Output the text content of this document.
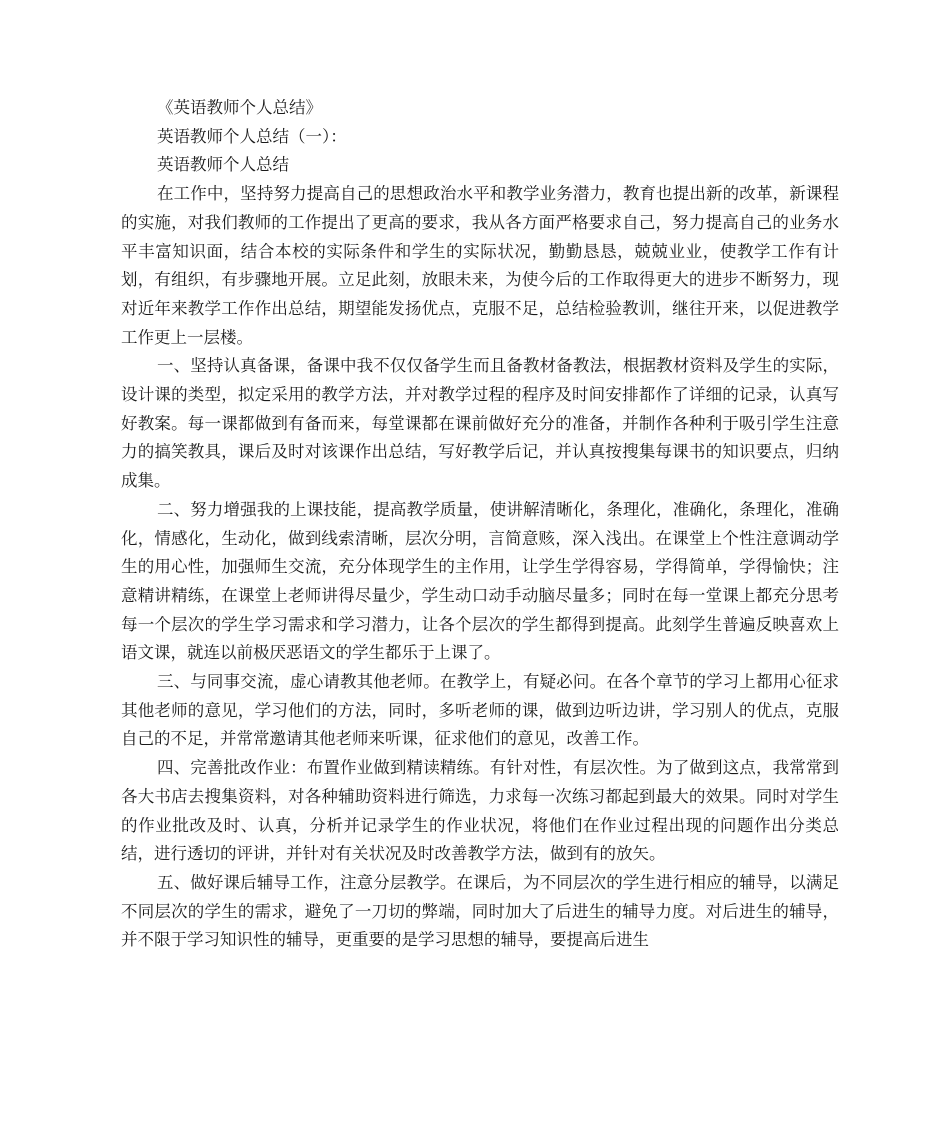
《英语教师个人总结》

英语教师个人总结（一）：

英语教师个人总结

在工作中，坚持努力提高自己的思想政治水平和教学业务潜力，教育也提出新的改革，新课程的实施，对我们教师的工作提出了更高的要求，我从各方面严格要求自己，努力提高自己的业务水平丰富知识面，结合本校的实际条件和学生的实际状况，勤勤恳恳，兢兢业业，使教学工作有计划，有组织，有步骤地开展。立足此刻，放眼未来，为使今后的工作取得更大的进步不断努力，现对近年来教学工作作出总结，期望能发扬优点，克服不足，总结检验教训，继往开来，以促进教学工作更上一层楼。

一、坚持认真备课，备课中我不仅仅备学生而且备教材备教法，根据教材资料及学生的实际，设计课的类型，拟定采用的教学方法，并对教学过程的程序及时间安排都作了详细的记录，认真写好教案。每一课都做到有备而来，每堂课都在课前做好充分的准备，并制作各种利于吸引学生注意力的搞笑教具，课后及时对该课作出总结，写好教学后记，并认真按搜集每课书的知识要点，归纳成集。

二、努力增强我的上课技能，提高教学质量，使讲解清晰化，条理化，准确化，条理化，准确化，情感化，生动化，做到线索清晰，层次分明，言简意赅，深入浅出。在课堂上个性注意调动学生的用心性，加强师生交流，充分体现学生的主作用，让学生学得容易，学得简单，学得愉快；注意精讲精练，在课堂上老师讲得尽量少，学生动口动手动脑尽量多；同时在每一堂课上都充分思考每一个层次的学生学习需求和学习潜力，让各个层次的学生都得到提高。此刻学生普遍反映喜欢上语文课，就连以前极厌恶语文的学生都乐于上课了。

三、与同事交流，虚心请教其他老师。在教学上，有疑必问。在各个章节的学习上都用心征求其他老师的意见，学习他们的方法，同时，多听老师的课，做到边听边讲，学习别人的优点，克服自己的不足，并常常邀请其他老师来听课，征求他们的意见，改善工作。

四、完善批改作业：布置作业做到精读精练。有针对性，有层次性。为了做到这点，我常常到各大书店去搜集资料，对各种辅助资料进行筛选，力求每一次练习都起到最大的效果。同时对学生的作业批改及时、认真，分析并记录学生的作业状况，将他们在作业过程出现的问题作出分类总结，进行透切的评讲，并针对有关状况及时改善教学方法，做到有的放矢。

五、做好课后辅导工作，注意分层教学。在课后，为不同层次的学生进行相应的辅导，以满足不同层次的学生的需求，避免了一刀切的弊端，同时加大了后进生的辅导力度。对后进生的辅导，并不限于学习知识性的辅导，更重要的是学习思想的辅导，要提高后进生
